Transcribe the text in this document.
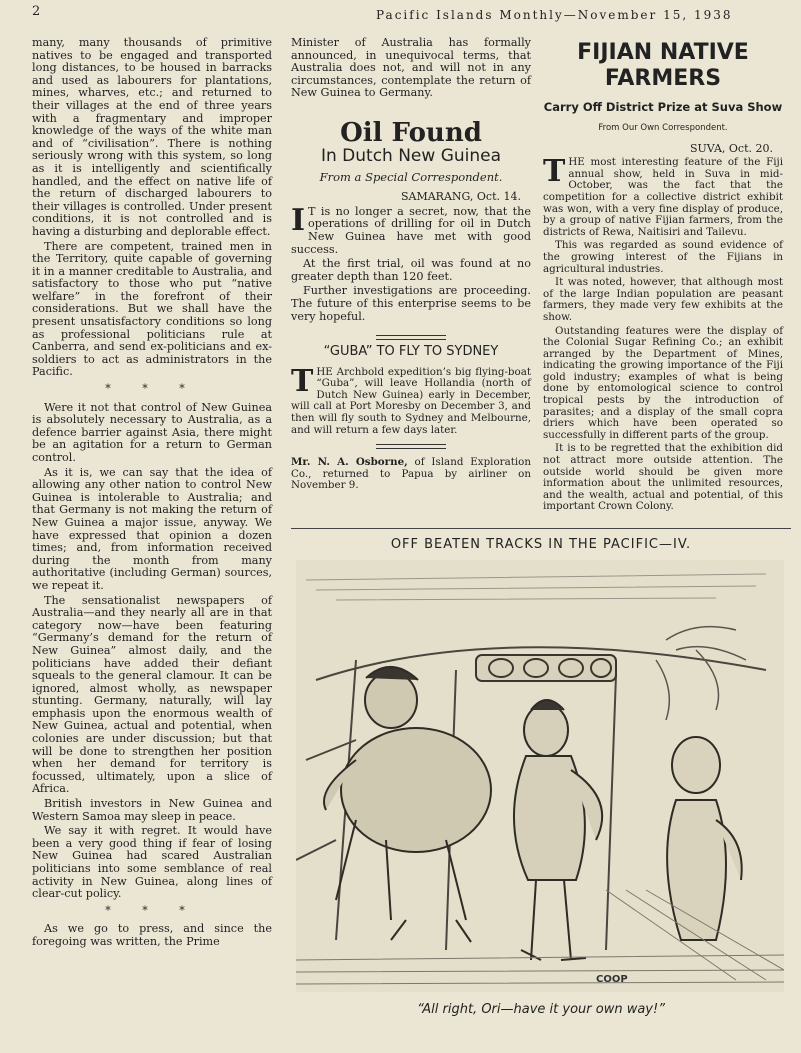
2	Pacific Islands Monthly—November 15, 1938

many, many thousands of primitive natives to be engaged and transported long distances, to be housed in barracks and used as labourers for plantations, mines, wharves, etc.; and returned to their villages at the end of three years with a fragmentary and improper knowledge of the ways of the white man and of “civilisation”. There is nothing seriously wrong with this system, so long as it is intelligently and scientifically handled, and the effect on native life of the return of discharged labourers to their villages is controlled. Under present conditions, it is not controlled and is having a disturbing and deplorable effect.

There are competent, trained men in the Territory, quite capable of governing it in a manner creditable to Australia, and satisfactory to those who put “native welfare” in the forefront of their considerations. But we shall have the present unsatisfactory conditions so long as professional politicians rule at Canberra, and send ex-politicians and ex-soldiers to act as administrators in the Pacific.

* * *

Were it not that control of New Guinea is absolutely necessary to Australia, as a defence barrier against Asia, there might be an agitation for a return to German control.

As it is, we can say that the idea of allowing any other nation to control New Guinea is intolerable to Australia; and that Germany is not making the return of New Guinea a major issue, anyway. We have expressed that opinion a dozen times; and, from information received during the month from many authoritative (including German) sources, we repeat it.

The sensationalist newspapers of Australia—and they nearly all are in that category now—have been featuring “Germany’s demand for the return of New Guinea” almost daily, and the politicians have added their defiant squeals to the general clamour. It can be ignored, almost wholly, as newspaper stunting. Germany, naturally, will lay emphasis upon the enormous wealth of New Guinea, actual and potential, when colonies are under discussion; but that will be done to strengthen her position when her demand for territory is focussed, ultimately, upon a slice of Africa.

British investors in New Guinea and Western Samoa may sleep in peace.

We say it with regret. It would have been a very good thing if fear of losing New Guinea had scared Australian politicians into some semblance of real activity in New Guinea, along lines of clear-cut policy.

* * *

As we go to press, and since the foregoing was written, the Prime

Minister of Australia has formally announced, in unequivocal terms, that Australia does not, and will not in any circumstances, contemplate the return of New Guinea to Germany.

Oil Found
In Dutch New Guinea
From a Special Correspondent.
SAMARANG, Oct. 14.

I T is no longer a secret, now, that the operations of drilling for oil in Dutch New Guinea have met with good success.

At the first trial, oil was found at no greater depth than 120 feet.

Further investigations are proceeding. The future of this enterprise seems to be very hopeful.

“GUBA” TO FLY TO SYDNEY

THE Archbold expedition’s big flying-boat “Guba”, will leave Hollandia (north of Dutch New Guinea) early in December, will call at Port Moresby on December 3, and then will fly south to Sydney and Melbourne, and will return a few days later.

Mr. N. A. Osborne, of Island Exploration Co., returned to Papua by airliner on November 9.

FIJIAN NATIVE FARMERS
Carry Off District Prize at Suva Show
From Our Own Correspondent.
SUVA, Oct. 20.

THE most interesting feature of the Fiji annual show, held in Suva in mid-October, was the fact that the competition for a collective district exhibit was won, with a very fine display of produce, by a group of native Fijian farmers, from the districts of Rewa, Naitisiri and Tailevu.

This was regarded as sound evidence of the growing interest of the Fijians in agricultural industries.

It was noted, however, that although most of the large Indian population are peasant farmers, they made very few exhibits at the show.

Outstanding features were the display of the Colonial Sugar Refining Co.; an exhibit arranged by the Department of Mines, indicating the growing importance of the Fiji gold industry; examples of what is being done by entomological science to control tropical pests by the introduction of parasites; and a display of the small copra driers which have been operated so successfully in different parts of the group.

It is to be regretted that the exhibition did not attract more outside attention. The outside world should be given more information about the unlimited resources, and the wealth, actual and potential, of this important Crown Colony.

OFF BEATEN TRACKS IN THE PACIFIC—IV.
COOP
“All right, Ori—have it your own way!”
